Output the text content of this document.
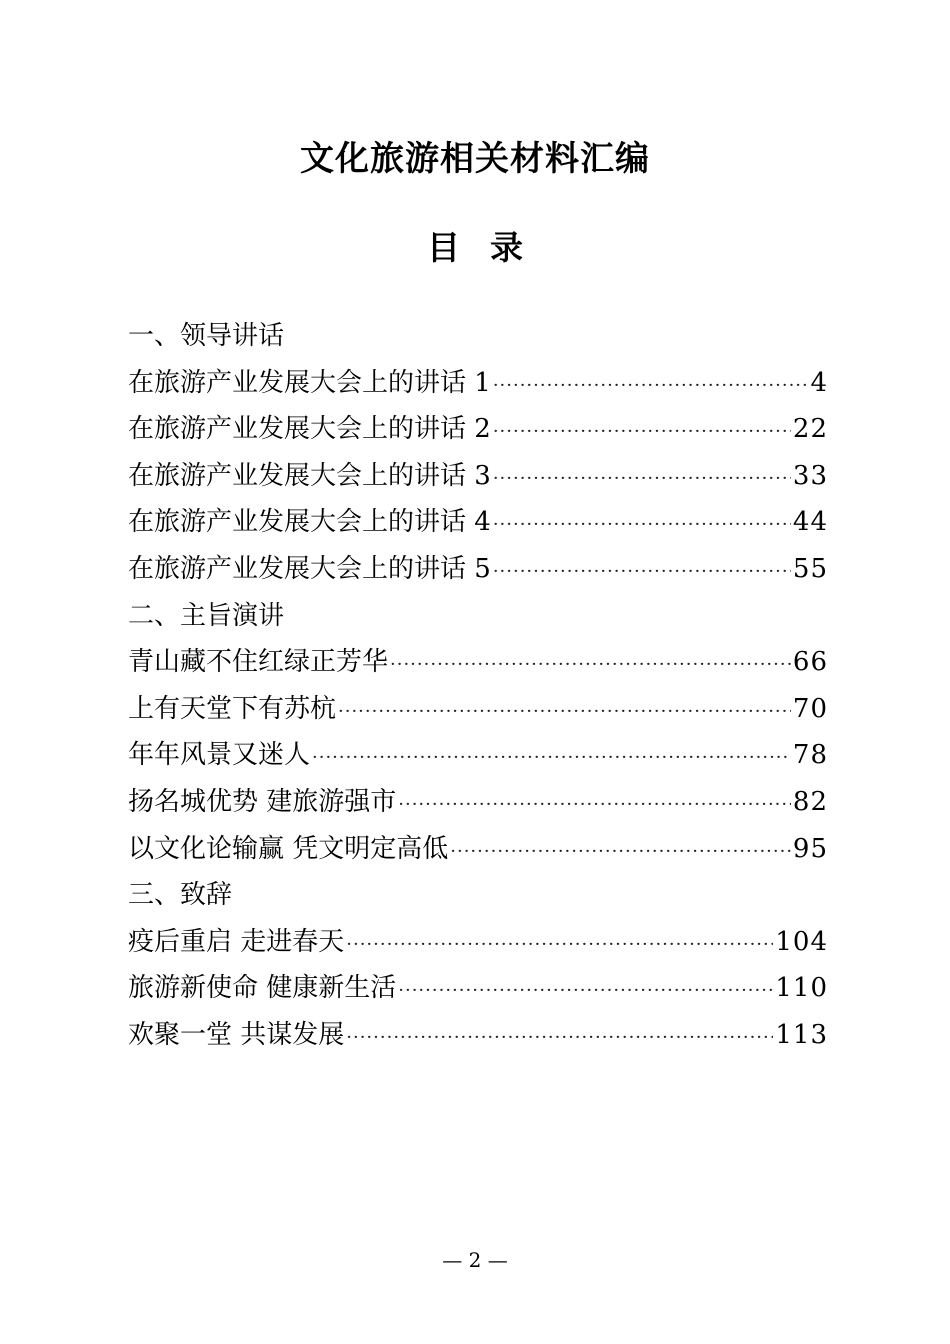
文化旅游相关材料汇编
目录
一、领导讲话
在旅游产业发展大会上的讲话 1 ·····	4
在旅游产业发展大会上的讲话 2 ·····	22
在旅游产业发展大会上的讲话 3 ·····	33
在旅游产业发展大会上的讲话 4 ·····	44
在旅游产业发展大会上的讲话 5 ·····	55
二、主旨演讲
青山藏不住红绿正芳华 ·····	66
上有天堂下有苏杭 ·····	70
年年风景又迷人 ·····	78
扬名城优势 建旅游强市 ·····	82
以文化论输赢 凭文明定高低 ·····	95
三、致辞
疫后重启 走进春天 ·····	104
旅游新使命 健康新生活 ·····	110
欢聚一堂 共谋发展 ·····	113
— 2 —
